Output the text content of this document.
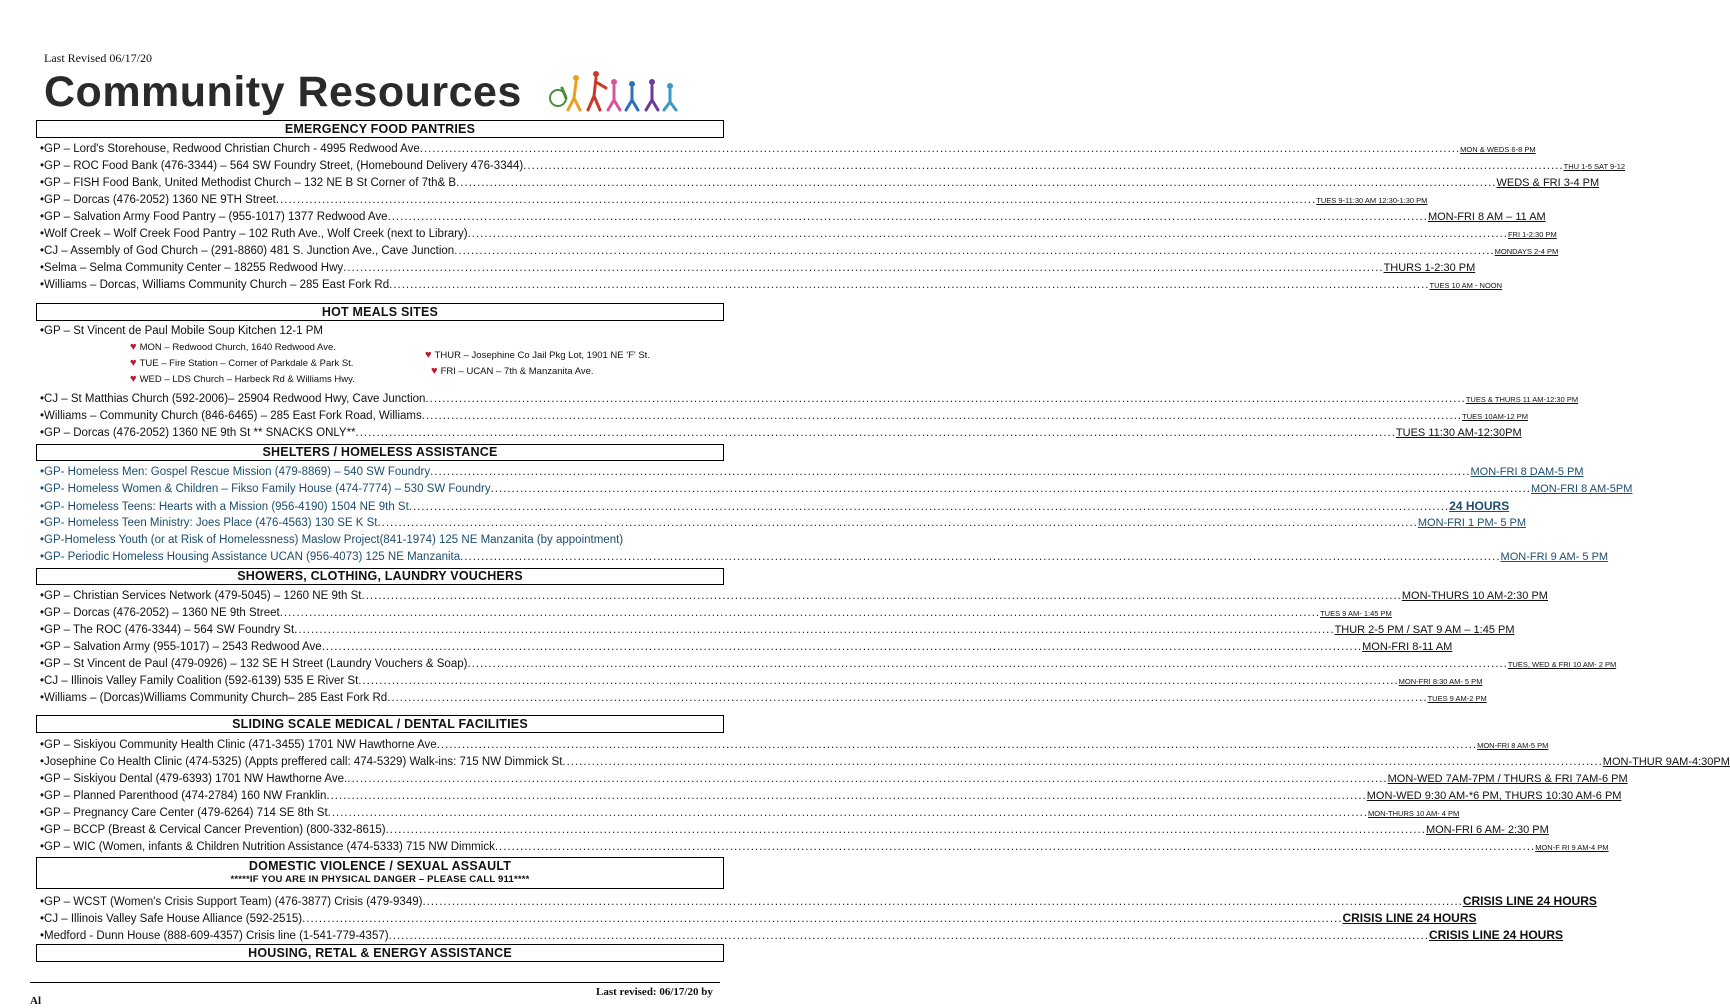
Last Revised 06/17/20
Community Resources
EMERGENCY FOOD PANTRIES
•GP – Lord's Storehouse, Redwood Christian Church - 4995 Redwood Ave .....	MON & WEDS 6-8 PM
•GP – ROC Food Bank (476-3344) – 564 SW Foundry Street, (Homebound Delivery 476-3344) .....	THU 1-5 SAT 9-12
•GP – FISH Food Bank, United Methodist Church – 132 NE B St Corner of 7th& B .....	WEDS & FRI 3-4 PM
•GP – Dorcas (476-2052) 1360 NE 9TH Street .....	TUES 9-11:30 AM 12:30-1:30 PM
•GP – Salvation Army Food Pantry – (955-1017) 1377 Redwood Ave .....	MON-FRI 8 AM – 11 AM
•Wolf Creek – Wolf Creek Food Pantry – 102 Ruth Ave., Wolf Creek (next to Library) .....	FRI 1-2:30 PM
•CJ – Assembly of God Church – (291-8860) 481 S. Junction Ave., Cave Junction .....	MONDAYS 2-4 PM
•Selma – Selma Community Center – 18255 Redwood Hwy .....	THURS 1-2:30 PM
•Williams – Dorcas, Williams Community Church – 285 East Fork Rd .....	TUES 10 AM - NOON
HOT MEALS SITES
•GP – St Vincent de Paul Mobile Soup Kitchen 12-1 PM
♥ MON – Redwood Church, 1640 Redwood Ave.
♥ TUE – Fire Station – Corner of Parkdale & Park St.
♥ WED – LDS Church – Harbeck Rd & Williams Hwy.
♥ THUR – Josephine Co Jail Pkg Lot, 1901 NE 'F' St.
♥ FRI – UCAN – 7th & Manzanita Ave.
•CJ – St Matthias Church (592-2006)– 25904 Redwood Hwy, Cave Junction .....	TUES & THURS 11 AM-12:30 PM
•Williams – Community Church (846-6465) – 285 East Fork Road, Williams .....	TUES 10AM-12 PM
•GP – Dorcas (476-2052) 1360 NE 9th St ** SNACKS ONLY** .....	TUES 11:30 AM-12:30PM
SHELTERS / HOMELESS ASSISTANCE
•GP- Homeless Men: Gospel Rescue Mission (479-8869) – 540 SW Foundry .....	MON-FRI 8 DAM-5 PM
•GP- Homeless Women & Children – Fikso Family House (474-7774) – 530 SW Foundry .....	MON-FRI 8 AM-5PM
•GP- Homeless Teens: Hearts with a Mission (956-4190) 1504 NE 9th St .....	24 HOURS
•GP- Homeless Teen Ministry: Joes Place (476-4563) 130 SE K St .....	MON-FRI 1 PM- 5 PM
•GP-Homeless Youth (or at Risk of Homelessness) Maslow Project(841-1974) 125 NE Manzanita (by appointment)
•GP- Periodic Homeless Housing Assistance UCAN (956-4073) 125 NE Manzanita .....	MON-FRI 9 AM- 5 PM
SHOWERS, CLOTHING, LAUNDRY VOUCHERS
•GP – Christian Services Network (479-5045) – 1260 NE 9th St .....	MON-THURS 10 AM-2:30 PM
•GP – Dorcas (476-2052) – 1360 NE 9th Street .....	TUES 9 AM- 1:45 PM
•GP – The ROC (476-3344) – 564 SW Foundry St .....	THUR 2-5 PM / SAT 9 AM – 1:45 PM
•GP – Salvation Army (955-1017) – 2543 Redwood Ave .....	MON-FRI 8-11 AM
•GP – St Vincent de Paul (479-0926) – 132 SE H Street (Laundry Vouchers & Soap) .....	TUES, WED & FRI 10 AM- 2 PM
•CJ – Illinois Valley Family Coalition (592-6139) 535 E River St .....	MON-FRI 8:30 AM- 5 PM
•Williams – (Dorcas)Williams Community Church– 285 East Fork Rd .....	TUES 9 AM-2 PM
SLIDING SCALE MEDICAL / DENTAL FACILITIES
•GP – Siskiyou Community Health Clinic (471-3455) 1701 NW Hawthorne Ave .....	MON-FRI 8 AM-5 PM
•Josephine Co Health Clinic (474-5325) (Appts preffered call: 474-5329) Walk-ins: 715 NW Dimmick St .....	MON-THUR 9AM-4:30PM
•GP – Siskiyou Dental (479-6393) 1701 NW Hawthorne Ave. .....	MON-WED 7AM-7PM / THURS & FRI 7AM-6 PM
•GP – Planned Parenthood (474-2784) 160 NW Franklin .....	MON-WED 9:30 AM-*6 PM, THURS 10:30 AM-6 PM
•GP – Pregnancy Care Center (479-6264) 714 SE 8th St .....	MON-THURS 10 AM- 4 PM
•GP – BCCP (Breast & Cervical Cancer Prevention) (800-332-8615) .....	MON-FRI 6 AM- 2:30 PM
•GP – WIC (Women, infants & Children Nutrition Assistance (474-5333) 715 NW Dimmick .....	MON-F RI 9 AM-4 PM
DOMESTIC VIOLENCE / SEXUAL ASSAULT
*****IF YOU ARE IN PHYSICAL DANGER – PLEASE CALL 911****
•GP – WCST (Women's Crisis Support Team) (476-3877) Crisis (479-9349) .....	CRISIS LINE 24 HOURS
•CJ – Illinois Valley Safe House Alliance (592-2515) .....	CRISIS LINE 24 HOURS
•Medford - Dunn House (888-609-4357) Crisis line (1-541-779-4357) .....	CRISIS LINE 24 HOURS
HOUSING, RETAL & ENERGY ASSISTANCE
Last revised: 06/17/20 by
Al
